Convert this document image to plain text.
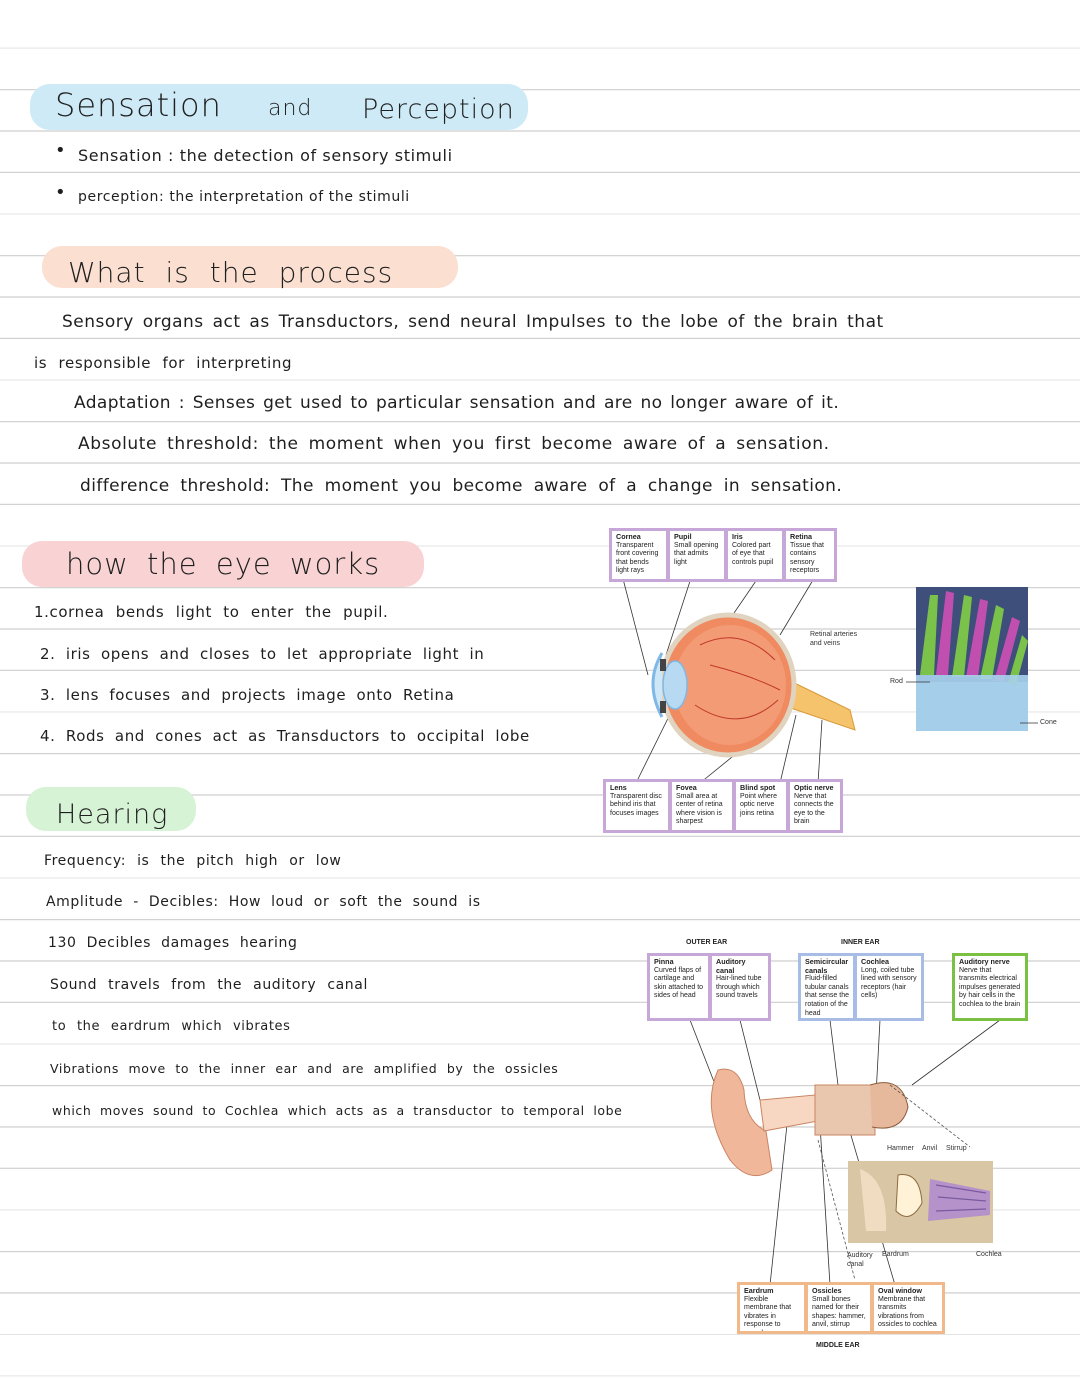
Sensation and Perception
• Sensation : the detection of sensory stimuli
• perception: the interpretation of the stimuli
What is the process
Sensory organs act as Transductors, send neural Impulses to the lobe of the brain that
is responsible for interpreting
Adaptation : Senses get used to particular sensation and are no longer aware of it.
Absolute threshold: the moment when you first become aware of a sensation.
difference threshold: The moment you become aware of a change in sensation.
how the eye works
1.cornea bends light to enter the pupil.
2. iris opens and closes to let appropriate light in
3. lens focuses and projects image onto Retina
4. Rods and cones act as Transductors to occipital lobe
Hearing
Frequency: is the pitch high or low
Amplitude - Decibles: How loud or soft the sound is
130 Decibles damages hearing
Sound travels from the auditory canal
to the eardrum which vibrates
Vibrations move to the inner ear and are amplified by the ossicles
which moves sound to Cochlea which acts as a transductor to temporal lobe
Cornea
Transparent front covering that bends light rays
Pupil
Small opening that admits light
Iris
Colored part of eye that controls pupil
Retina
Tissue that contains sensory receptors
Lens
Transparent disc behind iris that focuses images
Fovea
Small area at center of retina where vision is sharpest
Blind spot
Point where optic nerve joins retina
Optic nerve
Nerve that connects the eye to the brain
Retinal arteries and veins
Rod
Cone
OUTER EAR	INNER EAR
MIDDLE EAR
Pinna
Curved flaps of cartilage and skin attached to sides of head
Auditory canal
Hair-lined tube through which sound travels
Semicircular canals
Fluid-filled tubular canals that sense the rotation of the head
Cochlea
Long, coiled tube lined with sensory receptors (hair cells)
Auditory nerve
Nerve that transmits electrical impulses generated by hair cells in the cochlea to the brain
Eardrum
Flexible membrane that vibrates in response to sound waves
Ossicles
Small bones named for their shapes: hammer, anvil, stirrup
Oval window
Membrane that transmits vibrations from ossicles to cochlea
Hammer Anvil Stirrup
Auditory canal
Eardrum	Cochlea
